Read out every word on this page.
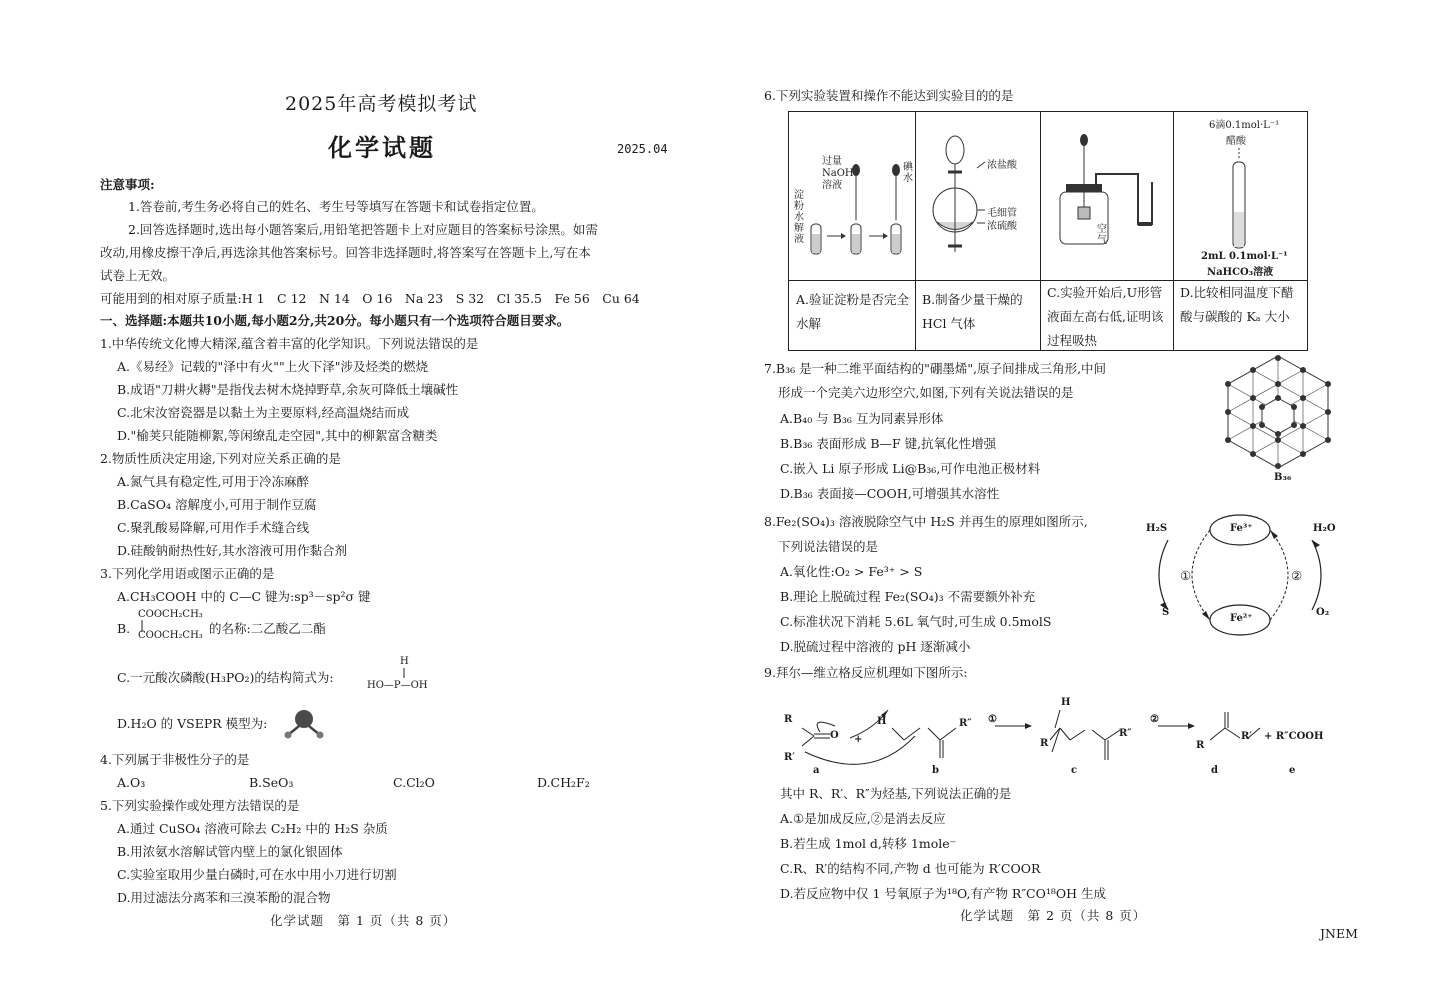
2025年高考模拟考试
化学试题	2025.04
注意事项:
1.答卷前,考生务必将自己的姓名、考生号等填写在答题卡和试卷指定位置。
2.回答选择题时,选出每小题答案后,用铅笔把答题卡上对应题目的答案标号涂黑。如需
改动,用橡皮擦干净后,再选涂其他答案标号。回答非选择题时,将答案写在答题卡上,写在本
试卷上无效。
可能用到的相对原子质量:H 1　C 12　N 14　O 16　Na 23　S 32　Cl 35.5　Fe 56　Cu 64
一、选择题:本题共10小题,每小题2分,共20分。每小题只有一个选项符合题目要求。
1.中华传统文化博大精深,蕴含着丰富的化学知识。下列说法错误的是
A.《易经》记载的"泽中有火""上火下泽"涉及烃类的燃烧
B.成语"刀耕火耨"是指伐去树木烧掉野草,余灰可降低土壤碱性
C.北宋汝窑瓷器是以黏土为主要原料,经高温烧结而成
D."榆荚只能随柳絮,等闲缭乱走空园",其中的柳絮富含糖类
2.物质性质决定用途,下列对应关系正确的是
A.氮气具有稳定性,可用于冷冻麻醉
B.CaSO₄ 溶解度小,可用于制作豆腐
C.聚乳酸易降解,可用作手术缝合线
D.硅酸钠耐热性好,其水溶液可用作黏合剂
3.下列化学用语或图示正确的是
A.CH₃COOH 中的 C—C 键为:sp³－sp²σ 键
B.
COOCH₂CH₃
COOCH₂CH₃ 的名称:二乙酸乙二酯
C.一元酸次磷酸(H₃PO₂)的结构简式为:
H
HO—P—OH
D.H₂O 的 VSEPR 模型为:
4.下列属于非极性分子的是
A.O₃	B.SeO₃	C.Cl₂O	D.CH₂F₂
5.下列实验操作或处理方法错误的是
A.通过 CuSO₄ 溶液可除去 C₂H₂ 中的 H₂S 杂质
B.用浓氨水溶解试管内壁上的氯化银固体
C.实验室取用少量白磷时,可在水中用小刀进行切割
D.用过滤法分离苯和三溴苯酚的混合物
化学试题　第 1 页（共 8 页）
6.下列实验装置和操作不能达到实验目的的是
过量
NaOH
溶液
碘水
淀粉水解液
浓盐酸
毛细管
浓硫酸	空气
6滴0.1mol·L⁻¹
醋酸
2mL 0.1mol·L⁻¹
NaHCO₃溶液
A.验证淀粉是否完全水解
B.制备少量干燥的 HCl 气体
C.实验开始后,U形管液面左高右低,证明该过程吸热
D.比较相同温度下醋酸与碳酸的 Kₐ 大小
7.B₃₆ 是一种二维平面结构的"硼墨烯",原子间排成三角形,中间
形成一个完美六边形空穴,如图,下列有关说法错误的是
A.B₄₀ 与 B₃₆ 互为同素异形体
B.B₃₆ 表面形成 B—F 键,抗氧化性增强
C.嵌入 Li 原子形成 Li@B₃₆,可作电池正极材料
D.B₃₆ 表面接—COOH,可增强其水溶性
B₃₆
8.Fe₂(SO₄)₃ 溶液脱除空气中 H₂S 并再生的原理如图所示,
下列说法错误的是
A.氧化性:O₂ > Fe³⁺ > S
B.理论上脱硫过程 Fe₂(SO₄)₃ 不需要额外补充
C.标准状况下消耗 5.6L 氧气时,可生成 0.5molS
D.脱硫过程中溶液的 pH 逐渐减小
Fe³⁺
Fe²⁺
H₂S
S
H₂O
O₂
①	②
9.拜尔—维立格反应机理如下图所示:
R
R′
O +
H	R″ ①
H
R
R″
②
R
R′ + R″COOH
a	b	c	d	e
其中 R、R′、R″为烃基,下列说法正确的是
A.①是加成反应,②是消去反应
B.若生成 1mol d,转移 1mole⁻
C.R、R′的结构不同,产物 d 也可能为 R′COOR
D.若反应物中仅 1 号氧原子为¹⁸O,有产物 R″CO¹⁸OH 生成
化学试题　第 2 页（共 8 页）
JNEM
